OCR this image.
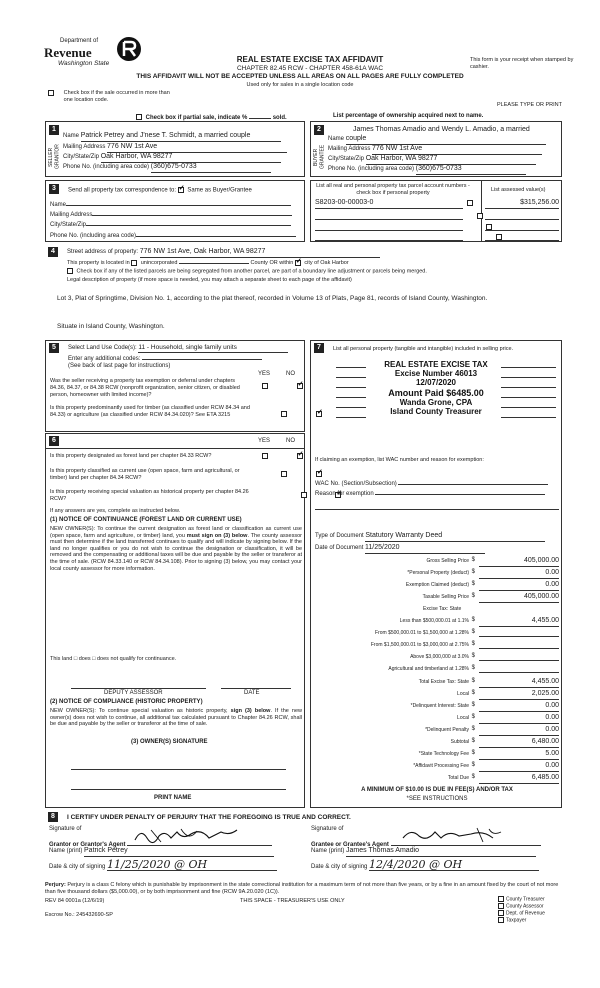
Department of
Revenue
Washington State	REAL ESTATE EXCISE TAX AFFIDAVIT
CHAPTER 82.45 RCW - CHAPTER 458-61A WAC
This form is your receipt when stamped by cashier.
THIS AFFIDAVIT WILL NOT BE ACCEPTED UNLESS ALL AREAS ON ALL PAGES ARE FULLY COMPLETED
Used only for sales in a single location code
Check box if the sale occurred in more than one location code.
PLEASE TYPE OR PRINT
Check box if partial sale, indicate %	sold.	List percentage of ownership acquired next to name.
1
SELLER GRANTOR
Name Patrick Petrey and J'nese T. Schmidt, a married couple
Mailing Address 776 NW 1st Ave
City/State/Zip Oak Harbor, WA 98277
Phone No. (including area code) (360)675-0733
2
BUYER GRANTEE
James Thomas Amadio and Wendy L. Amadio, a married
Name couple
Mailing Address 776 NW 1st Ave
City/State/Zip Oak Harbor, WA 98277
Phone No. (including area code) (360)675-0733
3	Send all property tax correspondence to: ✓ Same as Buyer/Grantee
Name
Mailing Address
City/State/Zip
Phone No. (including area code)
List all real and personal property tax parcel account numbers - check box if personal property	List assessed value(s)
S8203-00-00003-0
	$315,256.00

4	Street address of property: 776 NW 1st Ave, Oak Harbor, WA 98277
This property is located in unincorporated	County OR within ✓ city of Oak Harbor
Check box if any of the listed parcels are being segregated from another parcel, are part of a boundary line adjustment or parcels being merged.
Legal description of property (if more space is needed, you may attach a separate sheet to each page of the affidavit)
Lot 3, Plat of Springtime, Division No. 1, according to the plat thereof, recorded in Volume 13 of Plats, Page 81, records of Island County, Washington.
Situate in Island County, Washington.
5	Select Land Use Code(s): 11 - Household, single family units
Enter any additional codes:
(See back of last page for instructions)
YES	NO
Was the seller receiving a property tax exemption or deferral under chapters 84.36, 84.37, or 84.38 RCW (nonprofit organization, senior citizen, or disabled person, homeowner with limited income)?
✓
Is this property predominantly used for timber (as classified under RCW 84.34 and 84.33) or agriculture (as classified under RCW 84.34.020)? See ETA 3215
✓
6	YES	NO
Is this property designated as forest land per chapter 84.33 RCW?
✓
Is this property classified as current use (open space, farm and agricultural, or timber) land per chapter 84.34 RCW?
✓
Is this property receiving special valuation as historical property per chapter 84.26 RCW?
✓
If any answers are yes, complete as instructed below.
(1) NOTICE OF CONTINUANCE (FOREST LAND OR CURRENT USE)
NEW OWNER(S): To continue the current designation as forest land or classification as current use (open space, farm and agriculture, or timber) land, you must sign on (3) below. The county assessor must then determine if the land transferred continues to qualify and will indicate by signing below. If the land no longer qualifies or you do not wish to continue the designation or classification, it will be removed and the compensating or additional taxes will be due and payable by the seller or transferor at the time of sale. (RCW 84.33.140 or RCW 84.34.108). Prior to signing (3) below, you may contact your local county assessor for more information.
This land □ does □ does not qualify for continuance.
DEPUTY ASSESSOR	DATE
(2) NOTICE OF COMPLIANCE (HISTORIC PROPERTY)
NEW OWNER(S): To continue special valuation as historic property, sign (3) below. If the new owner(s) does not wish to continue, all additional tax calculated pursuant to Chapter 84.26 RCW, shall be due and payable by the seller or transferor at the time of sale.
(3) OWNER(S) SIGNATURE
PRINT NAME
7	List all personal property (tangible and intangible) included in selling price.
REAL ESTATE EXCISE TAX
Excise Number 46013
12/07/2020
Amount Paid $6485.00
Wanda Grone, CPA
Island County Treasurer
If claiming an exemption, list WAC number and reason for exemption:
WAC No. (Section/Subsection)
Reason for exemption
Type of Document Statutory Warranty Deed
Date of Document 11/25/2020
Gross Selling Price $	405,000.00
*Personal Property (deduct) $	0.00
Exemption Claimed (deduct) $	0.00
Taxable Selling Price $	405,000.00
Excise Tax: State
Less than $500,000.01 at 1.1% $	4,455.00
From $500,000.01 to $1,500,000 at 1.28% $
From $1,500,000.01 to $3,000,000 at 2.75% $
Above $3,000,000 at 3.0% $
Agricultural and timberland at 1.28% $
Total Excise Tax: State $	4,455.00
Local $	2,025.00
*Delinquent Interest: State $	0.00
Local $	0.00
*Delinquent Penalty $	0.00
Subtotal $	6,480.00
*State Technology Fee $	5.00
*Affidavit Processing Fee $	0.00
Total Due $	6,485.00
A MINIMUM OF $10.00 IS DUE IN FEE(S) AND/OR TAX
*SEE INSTRUCTIONS
8	I CERTIFY UNDER PENALTY OF PERJURY THAT THE FOREGOING IS TRUE AND CORRECT.
Signature of
Grantor or Grantor's Agent
Name (print) Patrick Petrey
Date & city of signing 11/25/2020 @ OH
Signature of
Grantee or Grantee's Agent
Name (print) James Thomas Amadio
Date & city of signing 12/4/2020 @ OH
Perjury: Perjury is a class C felony which is punishable by imprisonment in the state correctional institution for a maximum term of not more than five years, or by a fine in an amount fixed by the court of not more than five thousand dollars ($5,000.00), or by both imprisonment and fine (RCW 9A.20.020 (1C)).
REV 84 0001a (12/6/19)	THIS SPACE - TREASURER'S USE ONLY
Escrow No.: 245432690-SP
County Treasurer
County Assessor
Dept. of Revenue
Taxpayer
